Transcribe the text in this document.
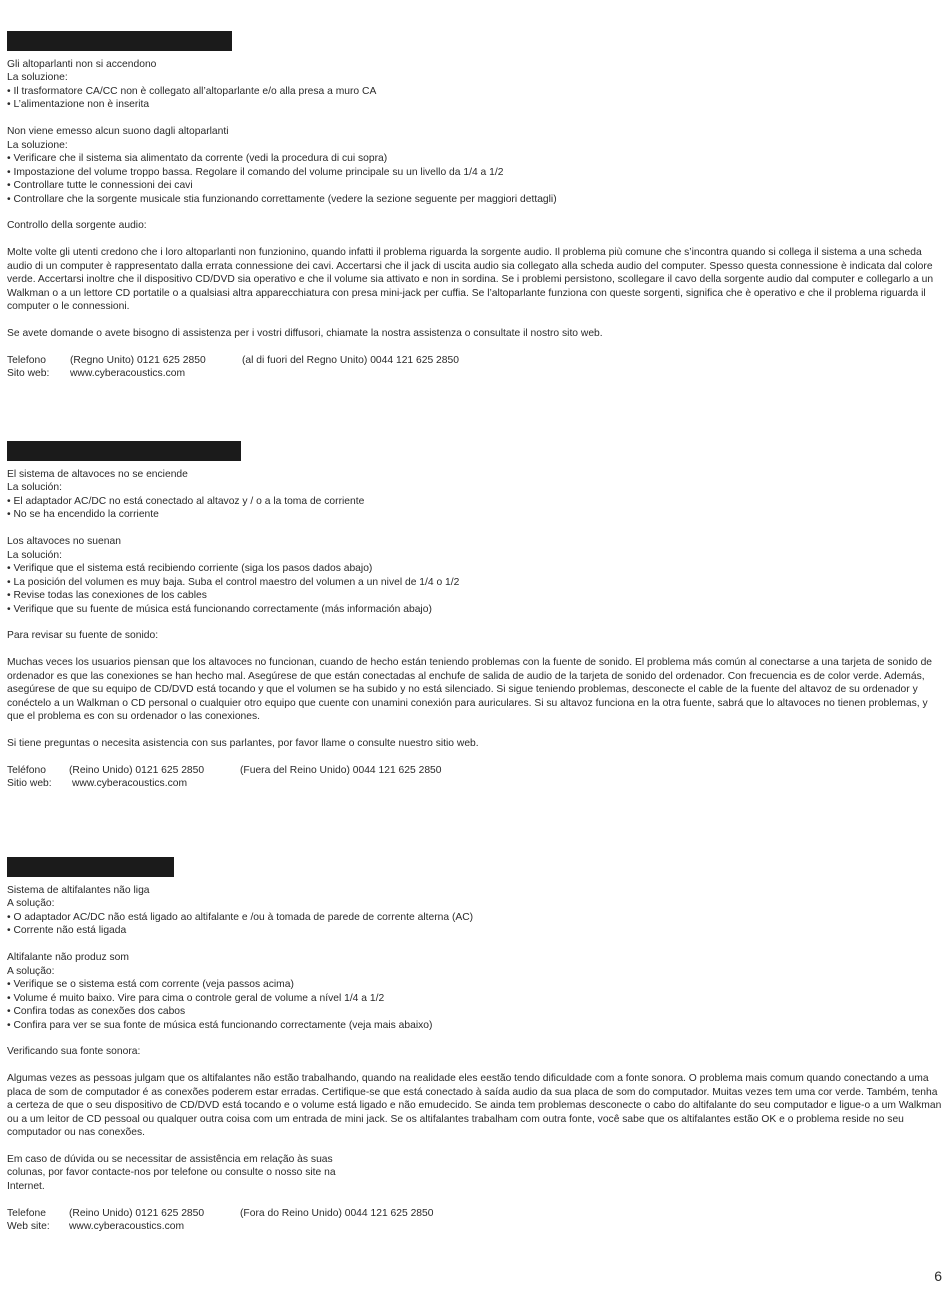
Gli altoparlanti non si accendono
La soluzione:
• Il trasformatore CA/CC non è collegato all’altoparlante e/o alla presa a muro CA
• L’alimentazione non è inserita
Non viene emesso alcun suono dagli altoparlanti
La soluzione:
• Verificare che il sistema sia alimentato da corrente (vedi la procedura di cui sopra)
• Impostazione del volume troppo bassa. Regolare il comando del volume principale su un livello da 1/4 a 1/2
• Controllare tutte le connessioni dei cavi
• Controllare che la sorgente musicale stia funzionando correttamente (vedere la sezione seguente per maggiori dettagli)
Controllo della sorgente audio:
Molte volte gli utenti credono che i loro altoparlanti non funzionino, quando infatti il problema riguarda la sorgente audio. Il problema più comune che s’incontra quando si collega il sistema a una scheda audio di un computer è rappresentato dalla errata connessione dei cavi. Accertarsi che il jack di uscita audio sia collegato alla scheda audio del computer. Spesso questa connessione è indicata dal colore verde. Accertarsi inoltre che il dispositivo CD/DVD sia operativo e che il volume sia attivato e non in sordina. Se i problemi persistono, scollegare il cavo della sorgente audio dal computer e collegarlo a un Walkman o a un lettore CD portatile o a qualsiasi altra apparecchiatura con presa mini-jack per cuffia. Se l’altoparlante funziona con queste sorgenti, significa che è operativo e che il problema riguarda il computer o le connessioni.
Se avete domande o avete bisogno di assistenza per i vostri diffusori, chiamate la nostra assistenza o consultate il nostro sito web.
Telefono (Regno Unito) 0121 625 2850	(al di fuori del Regno Unito) 0044 121 625 2850
Sito web: www.cyberacoustics.com
El sistema de altavoces no se enciende
La solución:
• El adaptador AC/DC no está conectado al altavoz y / o a la toma de corriente
• No se ha encendido la corriente
Los altavoces no suenan
La solución:
• Verifique que el sistema está recibiendo corriente (siga los pasos dados abajo)
• La posición del volumen es muy baja. Suba el control maestro del volumen a un nivel de 1/4 o 1/2
• Revise todas las conexiones de los cables
• Verifique que su fuente de música está funcionando correctamente (más información abajo)
Para revisar su fuente de sonido:
Muchas veces los usuarios piensan que los altavoces no funcionan, cuando de hecho están teniendo problemas con la fuente de sonido. El problema más común al conectarse a una tarjeta de sonido de ordenador es que las conexiones se han hecho mal. Asegúrese de que están conectadas al enchufe de salida de audio de la tarjeta de sonido del ordenador. Con frecuencia es de color verde. Además, asegúrese de que su equipo de CD/DVD está tocando y que el volumen se ha subido y no está silenciado. Si sigue teniendo problemas, desconecte el cable de la fuente del altavoz de su ordenador y conéctelo a un Walkman o CD personal o cualquier otro equipo que cuente con unamini conexión para auriculares. Si su altavoz funciona en la otra fuente, sabrá que lo altavoces no tienen problemas, y que el problema es con su ordenador o las conexiones.
Si tiene preguntas o necesita asistencia con sus parlantes, por favor llame o consulte nuestro sitio web.
Teléfono (Reino Unido) 0121 625 2850	(Fuera del Reino Unido) 0044 121 625 2850
Sitio web: www.cyberacoustics.com
Sistema de altifalantes não liga
A solução:
• O adaptador AC/DC não está ligado ao altifalante e /ou à tomada de parede de corrente alterna (AC)
• Corrente não está ligada
Altifalante não produz som
A solução:
• Verifique se o sistema está com corrente (veja passos acima)
• Volume é muito baixo. Vire para cima o controle geral de volume a nível 1/4 a 1/2
• Confira todas as conexões dos cabos
• Confira para ver se sua fonte de música está funcionando correctamente (veja mais abaixo)
Verificando sua fonte sonora:
Algumas vezes as pessoas julgam que os altifalantes não estão trabalhando, quando na realidade eles eestão tendo dificuldade com a fonte sonora. O problema mais comum quando conectando a uma placa de som de computador é as conexões poderem estar erradas. Certifique-se que está conectado à saída audio da sua placa de som do computador. Muitas vezes tem uma cor verde. Também, tenha a certeza de que o seu dispositivo de CD/DVD está tocando e o volume está ligado e não emudecido. Se ainda tem problemas desconecte o cabo do altifalante do seu computador e ligue-o a um Walkman ou a um leitor de CD pessoal ou qualquer outra coisa com um entrada de mini jack. Se os altifalantes trabalham com outra fonte, você sabe que os altifalantes estão OK e o problema reside no seu computador ou nas conexões.
Em caso de dúvida ou se necessitar de assistência em relação às suas
colunas, por favor contacte-nos por telefone ou consulte o nosso site na
Internet.
Telefone (Reino Unido) 0121 625 2850	(Fora do Reino Unido) 0044 121 625 2850
Web site: www.cyberacoustics.com
6
